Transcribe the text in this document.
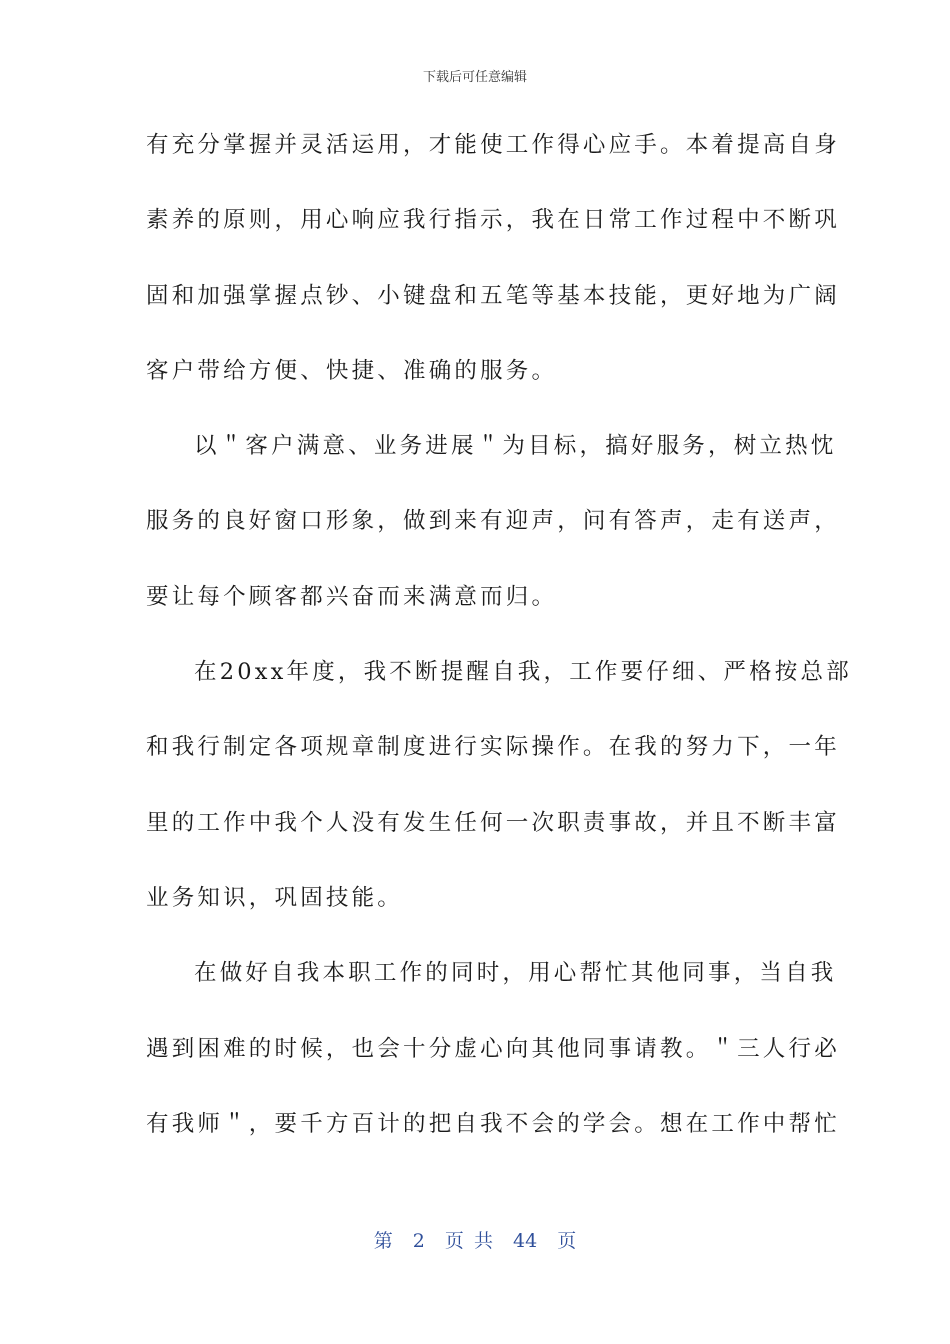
下载后可任意编辑
有充分掌握并灵活运用，才能使工作得心应手。本着提高自身
素养的原则，用心响应我行指示，我在日常工作过程中不断巩
固和加强掌握点钞、小键盘和五笔等基本技能，更好地为广阔
客户带给方便、快捷、准确的服务。
以＂客户满意、业务进展＂为目标，搞好服务，树立热忱
服务的良好窗口形象，做到来有迎声，问有答声，走有送声，
要让每个顾客都兴奋而来满意而归。
在20xx年度，我不断提醒自我，工作要仔细、严格按总部
和我行制定各项规章制度进行实际操作。在我的努力下，一年
里的工作中我个人没有发生任何一次职责事故，并且不断丰富
业务知识，巩固技能。
在做好自我本职工作的同时，用心帮忙其他同事，当自我
遇到困难的时候，也会十分虚心向其他同事请教。＂三人行必
有我师＂，要千方百计的把自我不会的学会。想在工作中帮忙
第 2 页 共 44 页
